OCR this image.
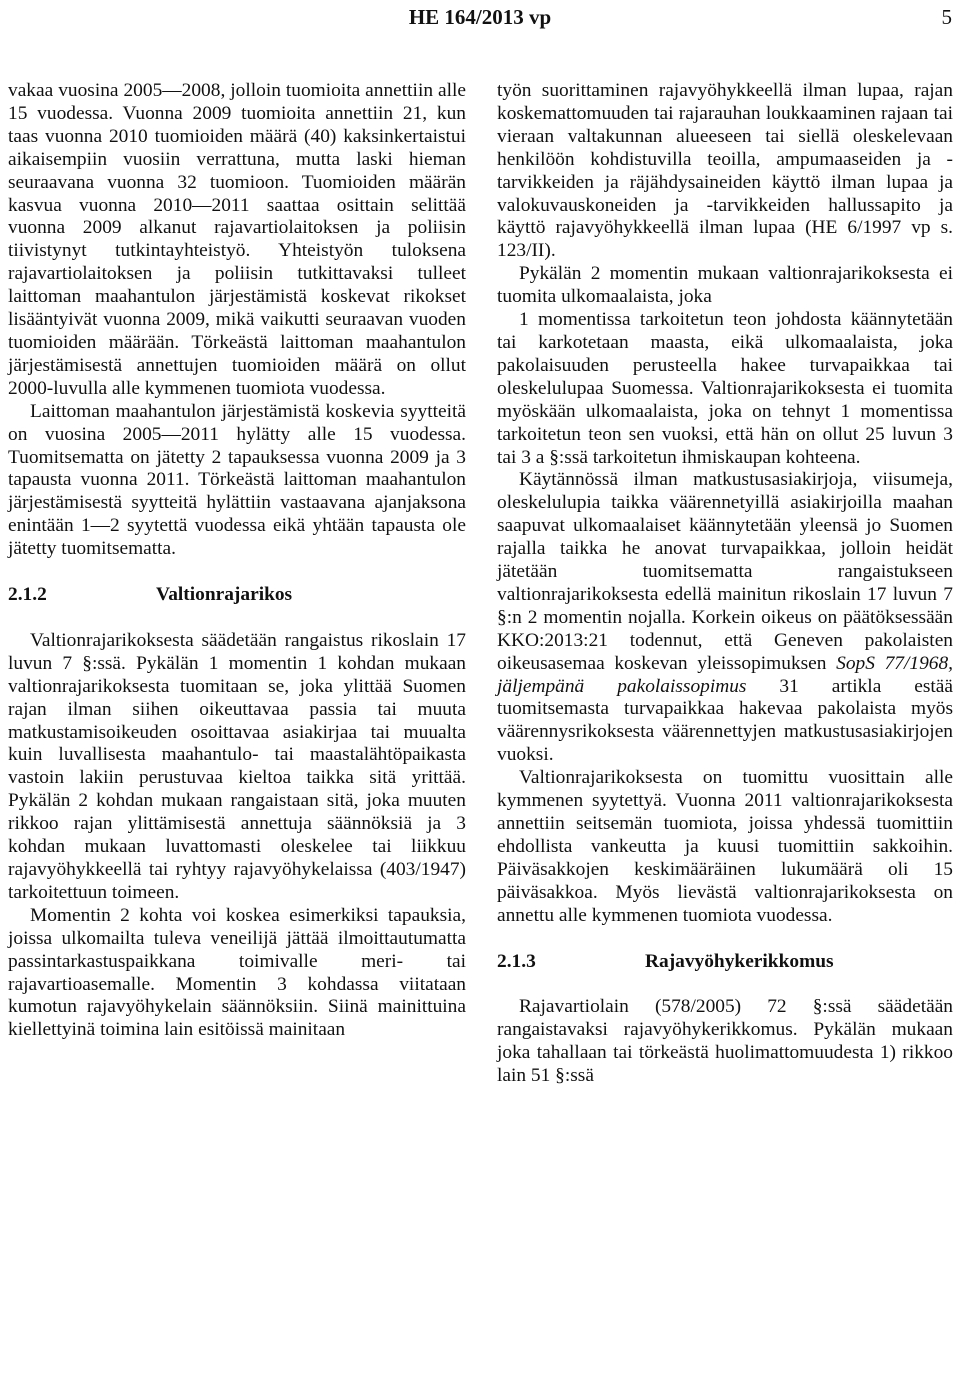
HE 164/2013 vp	5

vakaa vuosina 2005—2008, jolloin tuomioita annettiin alle 15 vuodessa. Vuonna 2009 tuomioita annettiin 21, kun taas vuonna 2010 tuomioiden määrä (40) kaksinkertaistui aikaisempiin vuosiin verrattuna, mutta laski hieman seuraavana vuonna 32 tuomioon. Tuomioiden määrän kasvua vuonna 2010—2011 saattaa osittain selittää vuonna 2009 alkanut rajavartiolaitoksen ja poliisin tiivistynyt tutkintayhteistyö. Yhteistyön tuloksena rajavartiolaitoksen ja poliisin tutkittavaksi tulleet laittoman maahantulon järjestämistä koskevat rikokset lisääntyivät vuonna 2009, mikä vaikutti seuraavan vuoden tuomioiden määrään. Törkeästä laittoman maahantulon järjestämisestä annettujen tuomioiden määrä on ollut 2000-luvulla alle kymmenen tuomiota vuodessa.

Laittoman maahantulon järjestämistä koskevia syytteitä on vuosina 2005—2011 hylätty alle 15 vuodessa. Tuomitsematta on jätetty 2 tapauksessa vuonna 2009 ja 3 tapausta vuonna 2011. Törkeästä laittoman maahantulon järjestämisestä syytteitä hylättiin vastaavana ajanjaksona enintään 1—2 syytettä vuodessa eikä yhtään tapausta ole jätetty tuomitsematta.

2.1.2	Valtionrajarikos

Valtionrajarikoksesta säädetään rangaistus rikoslain 17 luvun 7 §:ssä. Pykälän 1 momentin 1 kohdan mukaan valtionrajarikoksesta tuomitaan se, joka ylittää Suomen rajan ilman siihen oikeuttavaa passia tai muuta matkustamisoikeuden osoittavaa asiakirjaa tai muualta kuin luvallisesta maahantulo- tai maastalähtöpaikasta vastoin lakiin perustuvaa kieltoa taikka sitä yrittää. Pykälän 2 kohdan mukaan rangaistaan sitä, joka muuten rikkoo rajan ylittämisestä annettuja säännöksiä ja 3 kohdan mukaan luvattomasti oleskelee tai liikkuu rajavyöhykkeellä tai ryhtyy rajavyöhykelaissa (403/1947) tarkoitettuun toimeen.

Momentin 2 kohta voi koskea esimerkiksi tapauksia, joissa ulkomailta tuleva veneilijä jättää ilmoittautumatta passintarkastuspaikkana toimivalle meri- tai rajavartioasemalle. Momentin 3 kohdassa viitataan kumotun rajavyöhykelain säännöksiin. Siinä mainittuina kiellettyinä toimina lain esitöissä mainitaan

työn suorittaminen rajavyöhykkeellä ilman lupaa, rajan koskemattomuuden tai rajarauhan loukkaaminen rajaan tai vieraan valtakunnan alueeseen tai siellä oleskelevaan henkilöön kohdistuvilla teoilla, ampumaaseiden ja -tarvikkeiden ja räjähdysaineiden käyttö ilman lupaa ja valokuvauskoneiden ja -tarvikkeiden hallussapito ja käyttö rajavyöhykkeellä ilman lupaa (HE 6/1997 vp s. 123/II).

Pykälän 2 momentin mukaan valtionrajarikoksesta ei tuomita ulkomaalaista, joka

1 momentissa tarkoitetun teon johdosta käännytetään tai karkotetaan maasta, eikä ulkomaalaista, joka pakolaisuuden perusteella hakee turvapaikkaa tai oleskelulupaa Suomessa. Valtionrajarikoksesta ei tuomita myöskään ulkomaalaista, joka on tehnyt 1 momentissa tarkoitetun teon sen vuoksi, että hän on ollut 25 luvun 3 tai 3 a §:ssä tarkoitetun ihmiskaupan kohteena.

Käytännössä ilman matkustusasiakirjoja, viisumeja, oleskelulupia taikka väärennetyillä asiakirjoilla maahan saapuvat ulkomaalaiset käännytetään yleensä jo Suomen rajalla taikka he anovat turvapaikkaa, jolloin heidät jätetään tuomitsematta rangaistukseen valtionrajarikoksesta edellä mainitun rikoslain 17 luvun 7 §:n 2 momentin nojalla. Korkein oikeus on päätöksessään KKO:2013:21 todennut, että Geneven pakolaisten oikeusasemaa koskevan yleissopimuksen SopS 77/1968, jäljempänä pakolaissopimus 31 artikla estää tuomitsemasta turvapaikkaa hakevaa pakolaista myös väärennysrikoksesta väärennettyjen matkustusasiakirjojen vuoksi.

Valtionrajarikoksesta on tuomittu vuosittain alle kymmenen syytettyä. Vuonna 2011 valtionrajarikoksesta annettiin seitsemän tuomiota, joissa yhdessä tuomittiin ehdollista vankeutta ja kuusi tuomittiin sakkoihin. Päiväsakkojen keskimääräinen lukumäärä oli 15 päiväsakkoa. Myös lievästä valtionrajarikoksesta on annettu alle kymmenen tuomiota vuodessa.

2.1.3	Rajavyöhykerikkomus

Rajavartiolain (578/2005) 72 §:ssä säädetään rangaistavaksi rajavyöhykerikkomus. Pykälän mukaan joka tahallaan tai törkeästä huolimattomuudesta 1) rikkoo lain 51 §:ssä
